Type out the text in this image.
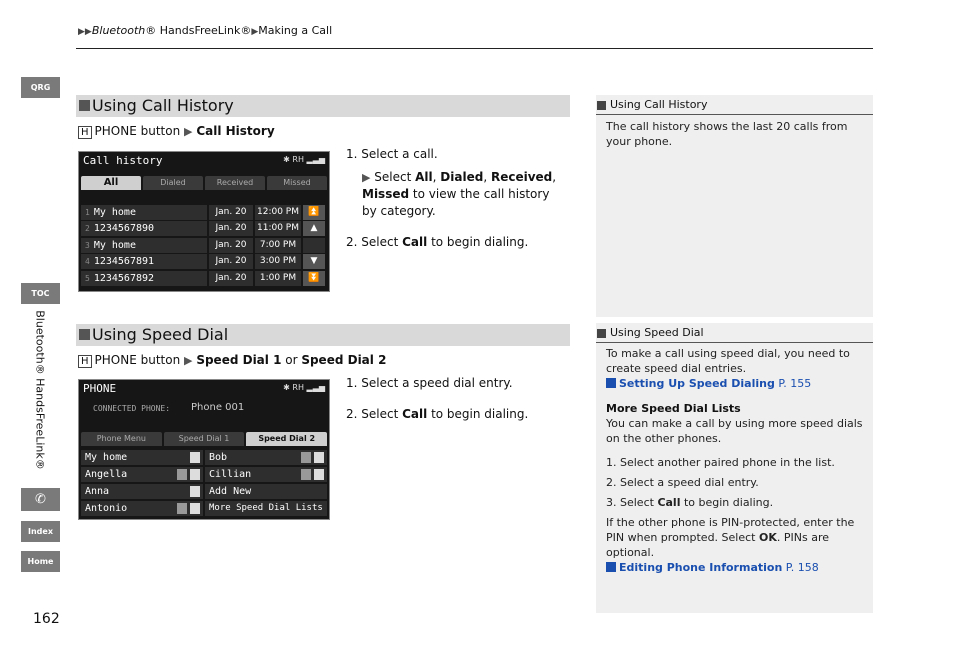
▶▶Bluetooth® HandsFreeLink®▶Making a Call
QRG
TOC
Bluetooth® HandsFreeLink®
✆
Index
Home
Using Call History
H PHONE button ▶ Call History
Call history	✱ RH ▂▃▅
All	Dialed	Received	Missed
1 My home	Jan. 20	12:00 PM	⏫
2 1234567890	Jan. 20	11:00 PM	▲
3 My home	Jan. 20	7:00 PM
4 1234567891	Jan. 20	3:00 PM	▼
5 1234567892	Jan. 20	1:00 PM	⏬
1. Select a call.
▶ Select All, Dialed, Received, Missed to view the call history by category.
2. Select Call to begin dialing.
Using Call History
The call history shows the last 20 calls from your phone.
Using Speed Dial
H PHONE button ▶ Speed Dial 1 or Speed Dial 2
PHONE	✱ RH ▂▃▅
CONNECTED PHONE: Phone 001
Phone Menu	Speed Dial 1	Speed Dial 2
My home	Bob
Angella	Cillian
Anna	Add New
Antonio	More Speed Dial Lists
1. Select a speed dial entry.
2. Select Call to begin dialing.
Using Speed Dial
To make a call using speed dial, you need to create speed dial entries.
Setting Up Speed Dialing P. 155
More Speed Dial Lists
You can make a call by using more speed dials on the other phones.
1. Select another paired phone in the list.
2. Select a speed dial entry.
3. Select Call to begin dialing.
If the other phone is PIN-protected, enter the PIN when prompted. Select OK. PINs are optional.
Editing Phone Information P. 158
162
